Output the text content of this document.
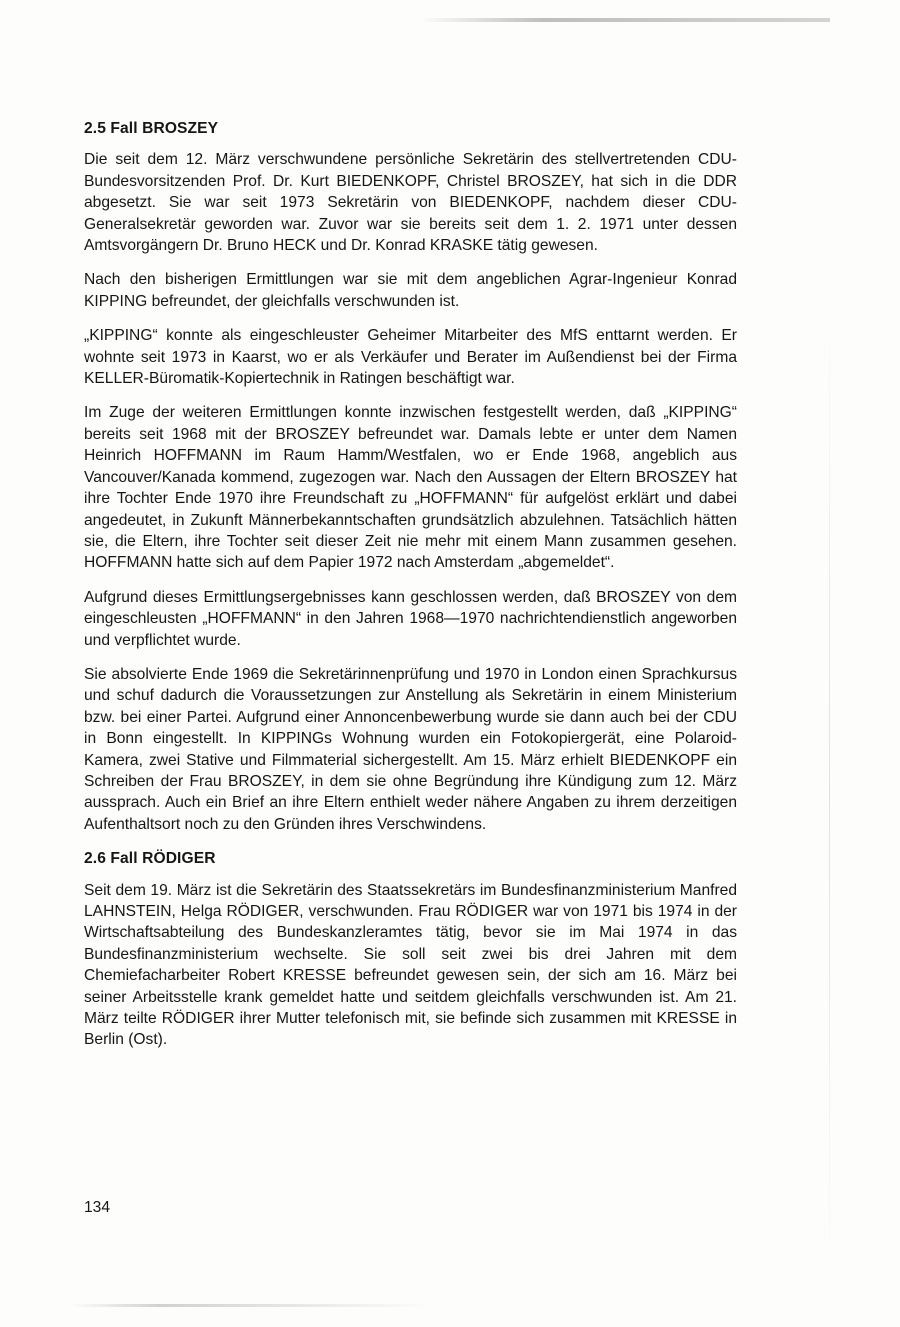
2.5 Fall BROSZEY

Die seit dem 12. März verschwundene persönliche Sekretärin des stellvertretenden CDU-Bundesvorsitzenden Prof. Dr. Kurt BIEDENKOPF, Christel BROSZEY, hat sich in die DDR abgesetzt. Sie war seit 1973 Sekretärin von BIEDENKOPF, nachdem dieser CDU-Generalsekretär geworden war. Zuvor war sie bereits seit dem 1. 2. 1971 unter dessen Amtsvorgängern Dr. Bruno HECK und Dr. Konrad KRASKE tätig gewesen.

Nach den bisherigen Ermittlungen war sie mit dem angeblichen Agrar-Ingenieur Konrad KIPPING befreundet, der gleichfalls verschwunden ist.

„KIPPING“ konnte als eingeschleuster Geheimer Mitarbeiter des MfS enttarnt werden. Er wohnte seit 1973 in Kaarst, wo er als Verkäufer und Berater im Außendienst bei der Firma KELLER-Büromatik-Kopiertechnik in Ratingen beschäftigt war.

Im Zuge der weiteren Ermittlungen konnte inzwischen festgestellt werden, daß „KIPPING“ bereits seit 1968 mit der BROSZEY befreundet war. Damals lebte er unter dem Namen Heinrich HOFFMANN im Raum Hamm/Westfalen, wo er Ende 1968, angeblich aus Vancouver/Kanada kommend, zugezogen war. Nach den Aussagen der Eltern BROSZEY hat ihre Tochter Ende 1970 ihre Freundschaft zu „HOFFMANN“ für aufgelöst erklärt und dabei angedeutet, in Zukunft Männerbekanntschaften grundsätzlich abzulehnen. Tatsächlich hätten sie, die Eltern, ihre Tochter seit dieser Zeit nie mehr mit einem Mann zusammen gesehen. HOFFMANN hatte sich auf dem Papier 1972 nach Amsterdam „abgemeldet“.

Aufgrund dieses Ermittlungsergebnisses kann geschlossen werden, daß BROSZEY von dem eingeschleusten „HOFFMANN“ in den Jahren 1968—1970 nachrichtendienstlich angeworben und verpflichtet wurde.

Sie absolvierte Ende 1969 die Sekretärinnenprüfung und 1970 in London einen Sprachkursus und schuf dadurch die Voraussetzungen zur Anstellung als Sekretärin in einem Ministerium bzw. bei einer Partei. Aufgrund einer Annoncenbewerbung wurde sie dann auch bei der CDU in Bonn eingestellt. In KIPPINGs Wohnung wurden ein Fotokopiergerät, eine Polaroid-Kamera, zwei Stative und Filmmaterial sichergestellt. Am 15. März erhielt BIEDENKOPF ein Schreiben der Frau BROSZEY, in dem sie ohne Begründung ihre Kündigung zum 12. März aussprach. Auch ein Brief an ihre Eltern enthielt weder nähere Angaben zu ihrem derzeitigen Aufenthaltsort noch zu den Gründen ihres Verschwindens.

2.6 Fall RÖDIGER

Seit dem 19. März ist die Sekretärin des Staatssekretärs im Bundesfinanzministerium Manfred LAHNSTEIN, Helga RÖDIGER, verschwunden. Frau RÖDIGER war von 1971 bis 1974 in der Wirtschaftsabteilung des Bundeskanzleramtes tätig, bevor sie im Mai 1974 in das Bundesfinanzministerium wechselte. Sie soll seit zwei bis drei Jahren mit dem Chemiefacharbeiter Robert KRESSE befreundet gewesen sein, der sich am 16. März bei seiner Arbeitsstelle krank gemeldet hatte und seitdem gleichfalls verschwunden ist. Am 21. März teilte RÖDIGER ihrer Mutter telefonisch mit, sie befinde sich zusammen mit KRESSE in Berlin (Ost).

134
